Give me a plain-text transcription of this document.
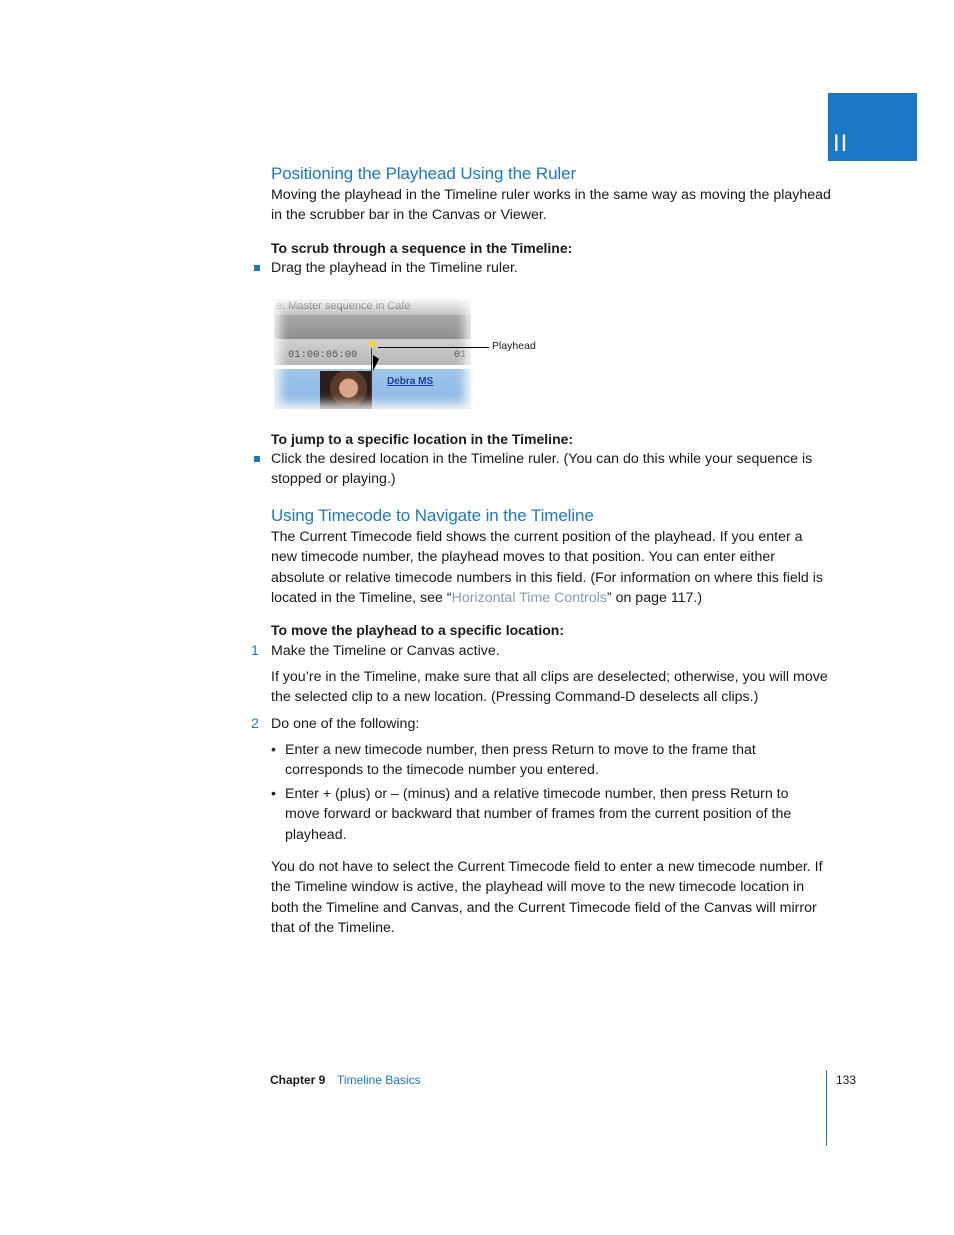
II
Positioning the Playhead Using the Ruler

Moving the playhead in the Timeline ruler works in the same way as moving the playhead in the scrubber bar in the Canvas or Viewer.

To scrub through a sequence in the Timeline:

Drag the playhead in the Timeline ruler.

e: Master sequence in Cafe
01:00:05:00	01
Debra MS
Playhead

To jump to a specific location in the Timeline:

Click the desired location in the Timeline ruler. (You can do this while your sequence is stopped or playing.)

Using Timecode to Navigate in the Timeline

The Current Timecode field shows the current position of the playhead. If you enter a new timecode number, the playhead moves to that position. You can enter either absolute or relative timecode numbers in this field. (For information on where this field is located in the Timeline, see “Horizontal Time Controls” on page 117.)

To move the playhead to a specific location:

1 Make the Timeline or Canvas active.

If you’re in the Timeline, make sure that all clips are deselected; otherwise, you will move the selected clip to a new location. (Pressing Command-D deselects all clips.)

2 Do one of the following:

• Enter a new timecode number, then press Return to move to the frame that corresponds to the timecode number you entered.

• Enter + (plus) or – (minus) and a relative timecode number, then press Return to move forward or backward that number of frames from the current position of the playhead.

You do not have to select the Current Timecode field to enter a new timecode number. If the Timeline window is active, the playhead will move to the new timecode location in both the Timeline and Canvas, and the Current Timecode field of the Canvas will mirror that of the Timeline.

Chapter 9 Timeline Basics	133
